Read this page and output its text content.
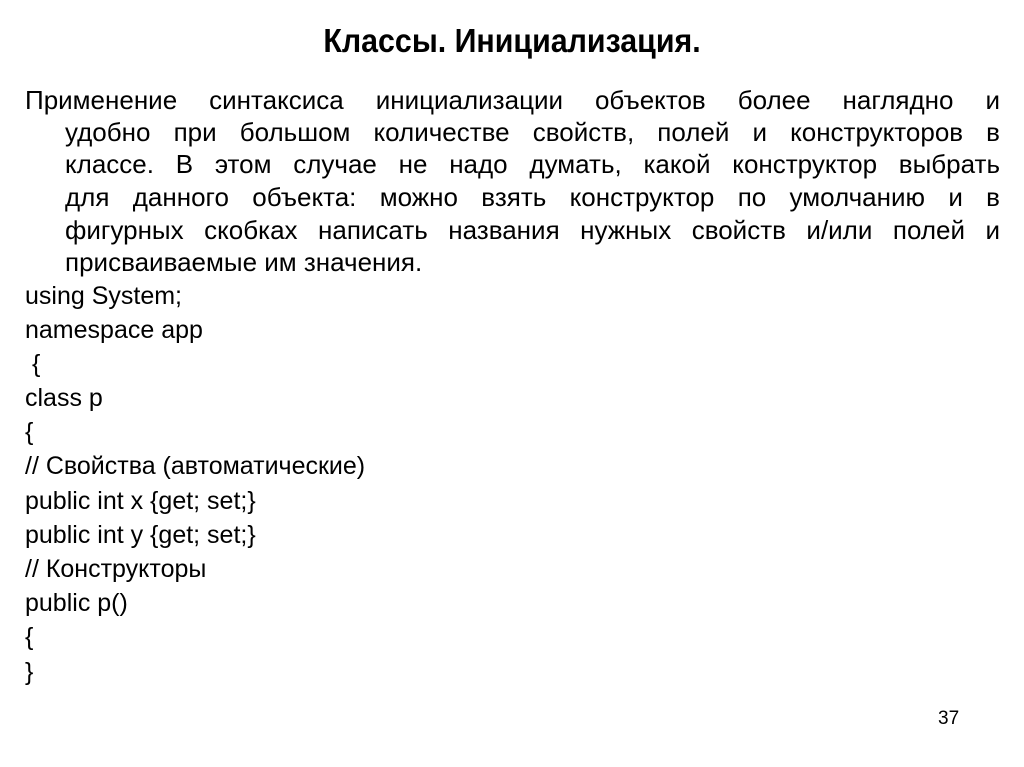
Классы. Инициализация.
Применение синтаксиса инициализации объектов более наглядно и
удобно при большом количестве свойств, полей и конструкторов в
классе. В этом случае не надо думать, какой конструктор выбрать
для данного объекта: можно взять конструктор по умолчанию и в
фигурных скобках написать названия нужных свойств и/или полей и
присваиваемые им значения.
using System;
namespace app
{
class p
{
// Свойства (автоматические)
public int x {get; set;}
public int y {get; set;}
// Конструкторы
public p()
{
}
37
